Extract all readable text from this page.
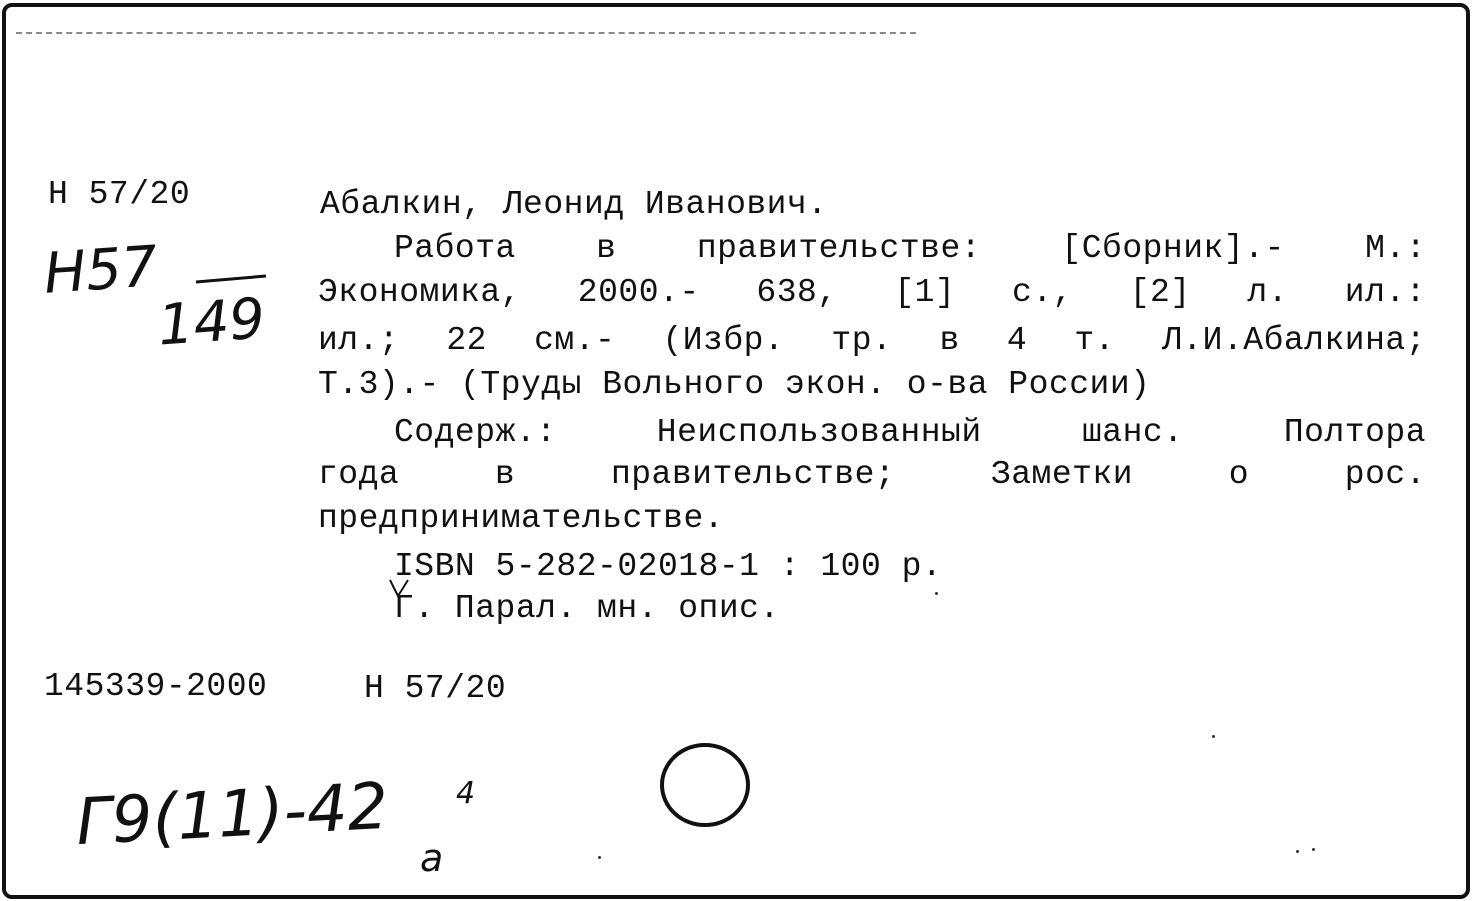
Н 57/20	Абалкин, Леонид Иванович.
Работа в правительстве: [Сборник].- М.:
Экономика, 2000.- 638, [1] с., [2] л. ил.:
ил.; 22 см.- (Избр. тр. в 4 т. Л.И.Абалкина;
Т.3).- (Труды Вольного экон. о-ва России)
Содерж.: Неиспользованный шанс. Полтора
года в правительстве; Заметки о рос.
предпринимательстве.
ISBN 5-282-02018-1 : 100 р.
Г. Парал. мн. опис.
145339-2000	Н 57/20
Н57
149
Г9(11)-42 а
4
